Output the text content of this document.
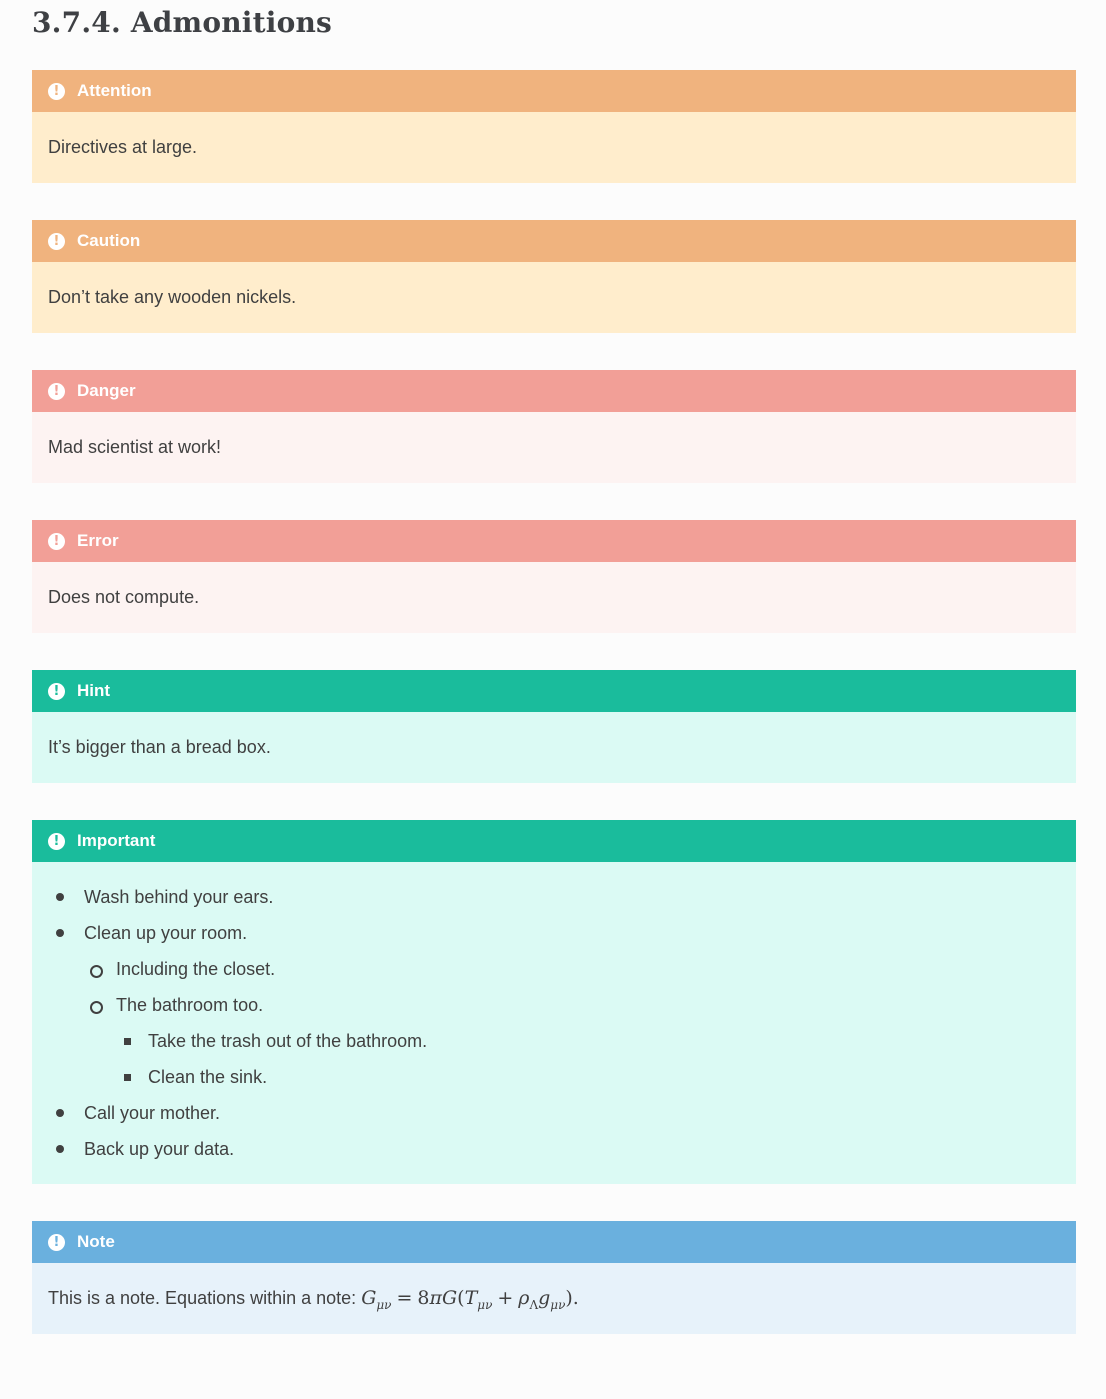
3.7.4. Admonitions
!	Attention
Directives at large.
!	Caution
Don’t take any wooden nickels.
!	Danger
Mad scientist at work!
!	Error
Does not compute.
!	Hint
It’s bigger than a bread box.
!	Important
Wash behind your ears.
Clean up your room.
Including the closet.
The bathroom too.
Take the trash out of the bathroom.
Clean the sink.
Call your mother.
Back up your data.
!	Note
This is a note. Equations within a note: $G_{\mu\nu} = 8\pi G(T_{\mu\nu} + \rho_\Lambda g_{\mu\nu})$.
